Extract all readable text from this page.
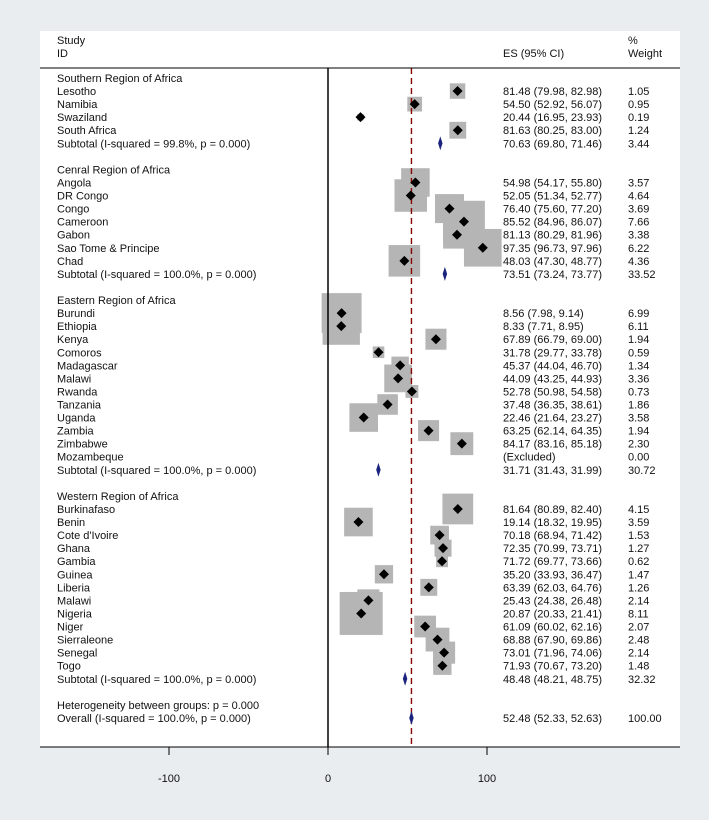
Southern Region of Africa
Lesotho	81.48 (79.98, 82.98) 1.05
Namibia	54.50 (52.92, 56.07) 0.95
Swaziland	20.44 (16.95, 23.93) 0.19
South Africa	81.63 (80.25, 83.00) 1.24
Subtotal (I-squared = 99.8%, p = 0.000)	70.63 (69.80, 71.46) 3.44
Cenral Region of Africa
Angola	54.98 (54.17, 55.80) 3.57
DR Congo	52.05 (51.34, 52.77) 4.64
Congo	76.40 (75.60, 77.20) 3.69
Cameroon	85.52 (84.96, 86.07) 7.66
Gabon	81.13 (80.29, 81.96) 3.38
Sao Tome & Principe	97.35 (96.73, 97.96) 6.22
Chad	48.03 (47.30, 48.77) 4.36
Subtotal (I-squared = 100.0%, p = 0.000)	73.51 (73.24, 73.77) 33.52
Eastern Region of Africa
Burundi	8.56 (7.98, 9.14)	6.99
Ethiopia	8.33 (7.71, 8.95)	6.11
Kenya	67.89 (66.79, 69.00) 1.94
Comoros	31.78 (29.77, 33.78) 0.59
Madagascar	45.37 (44.04, 46.70) 1.34
Malawi	44.09 (43.25, 44.93) 3.36
Rwanda	52.78 (50.98, 54.58) 0.73
Tanzania	37.48 (36.35, 38.61) 1.86
Uganda	22.46 (21.64, 23.27) 3.58
Zambia	63.25 (62.14, 64.35) 1.94
Zimbabwe	84.17 (83.16, 85.18) 2.30
Mozambeque	(Excluded)	0.00
Subtotal (I-squared = 100.0%, p = 0.000)	31.71 (31.43, 31.99) 30.72
Western Region of Africa
Burkinafaso	81.64 (80.89, 82.40) 4.15
Benin	19.14 (18.32, 19.95) 3.59
Cote d'Ivoire	70.18 (68.94, 71.42) 1.53
Ghana	72.35 (70.99, 73.71) 1.27
Gambia	71.72 (69.77, 73.66) 0.62
Guinea	35.20 (33.93, 36.47) 1.47
Liberia	63.39 (62.03, 64.76) 1.26
Malawi	25.43 (24.38, 26.48) 2.14
Nigeria	20.87 (20.33, 21.41) 8.11
Niger	61.09 (60.02, 62.16) 2.07
Sierraleone	68.88 (67.90, 69.86) 2.48
Senegal	73.01 (71.96, 74.06) 2.14
Togo	71.93 (70.67, 73.20) 1.48
Subtotal (I-squared = 100.0%, p = 0.000)	48.48 (48.21, 48.75) 32.32
Heterogeneity between groups: p = 0.000
Overall (I-squared = 100.0%, p = 0.000)	52.48 (52.33, 52.63) 100.00
Study
ID	ES (95% CI)
%
Weight
-100	0	100
